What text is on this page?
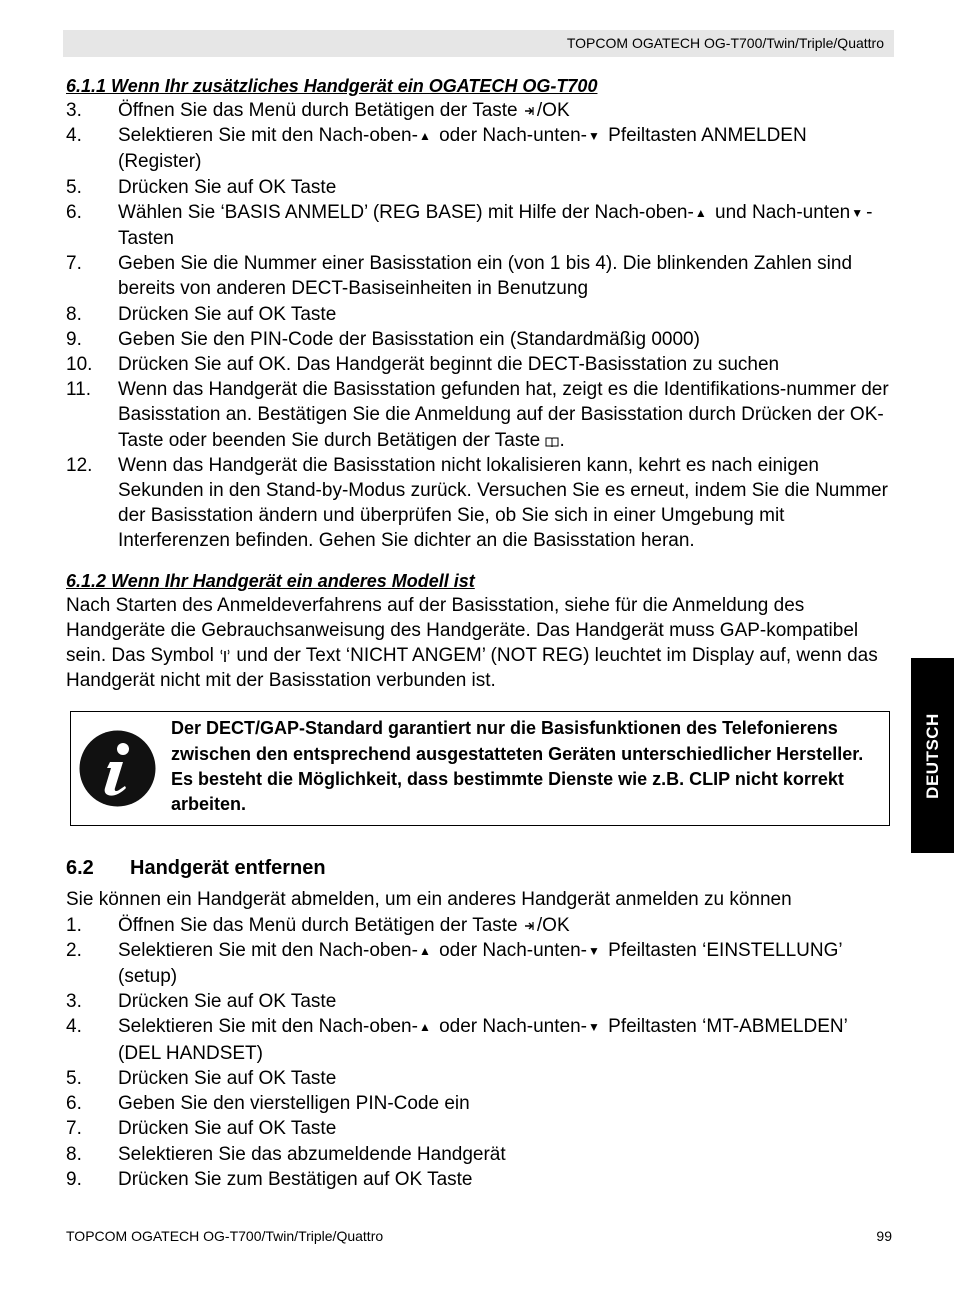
TOPCOM OGATECH OG-T700/Twin/Triple/Quattro
DEUTSCH
6.1.1 Wenn Ihr zusätzliches Handgerät ein OGATECH OG-T700
3. Öffnen Sie das Menü durch Betätigen der Taste /OK
4. Selektieren Sie mit den Nach-oben-▲ oder Nach-unten-▼ Pfeiltasten ANMELDEN (Register)
5. Drücken Sie auf OK Taste
6. Wählen Sie ‘BASIS ANMELD’ (REG BASE) mit Hilfe der Nach-oben-▲ und Nach-unten▼ -Tasten
7. Geben Sie die Nummer einer Basisstation ein (von 1 bis 4). Die blinkenden Zahlen sind bereits von anderen DECT-Basiseinheiten in Benutzung
8. Drücken Sie auf OK Taste
9. Geben Sie den PIN-Code der Basisstation ein (Standardmäßig 0000)
10. Drücken Sie auf OK. Das Handgerät beginnt die DECT-Basisstation zu suchen
11. Wenn das Handgerät die Basisstation gefunden hat, zeigt es die Identifikations-nummer der Basisstation an. Bestätigen Sie die Anmeldung auf der Basisstation durch Drücken der OK-Taste oder beenden Sie durch Betätigen der Taste .
12. Wenn das Handgerät die Basisstation nicht lokalisieren kann, kehrt es nach einigen Sekunden in den Stand-by-Modus zurück. Versuchen Sie es erneut, indem Sie die Nummer der Basisstation ändern und überprüfen Sie, ob Sie sich in einer Umgebung mit Interferenzen befinden. Gehen Sie dichter an die Basisstation heran.
6.1.2 Wenn Ihr Handgerät ein anderes Modell ist

Nach Starten des Anmeldeverfahrens auf der Basisstation, siehe für die Anmeldung des Handgeräte die Gebrauchsanweisung des Handgeräte. Das Handgerät muss GAP-kompatibel sein. Das Symbol  und der Text ‘NICHT ANGEM’ (NOT REG) leuchtet im Display auf, wenn das Handgerät nicht mit der Basisstation verbunden ist.

Der DECT/GAP-Standard garantiert nur die Basisfunktionen des Telefonierens zwischen den entsprechend ausgestatteten Geräten unterschiedlicher Hersteller. Es besteht die Möglichkeit, dass bestimmte Dienste wie z.B. CLIP nicht korrekt arbeiten.
6.2 Handgerät entfernen

Sie können ein Handgerät abmelden, um ein anderes Handgerät anmelden zu können

1. Öffnen Sie das Menü durch Betätigen der Taste /OK
2. Selektieren Sie mit den Nach-oben-▲ oder Nach-unten-▼ Pfeiltasten ‘EINSTELLUNG’ (setup)
3. Drücken Sie auf OK Taste
4. Selektieren Sie mit den Nach-oben-▲ oder Nach-unten-▼ Pfeiltasten ‘MT-ABMELDEN’ (DEL HANDSET)
5. Drücken Sie auf OK Taste
6. Geben Sie den vierstelligen PIN-Code ein
7. Drücken Sie auf OK Taste
8. Selektieren Sie das abzumeldende Handgerät
9. Drücken Sie zum Bestätigen auf OK Taste
TOPCOM OGATECH OG-T700/Twin/Triple/Quattro	99
